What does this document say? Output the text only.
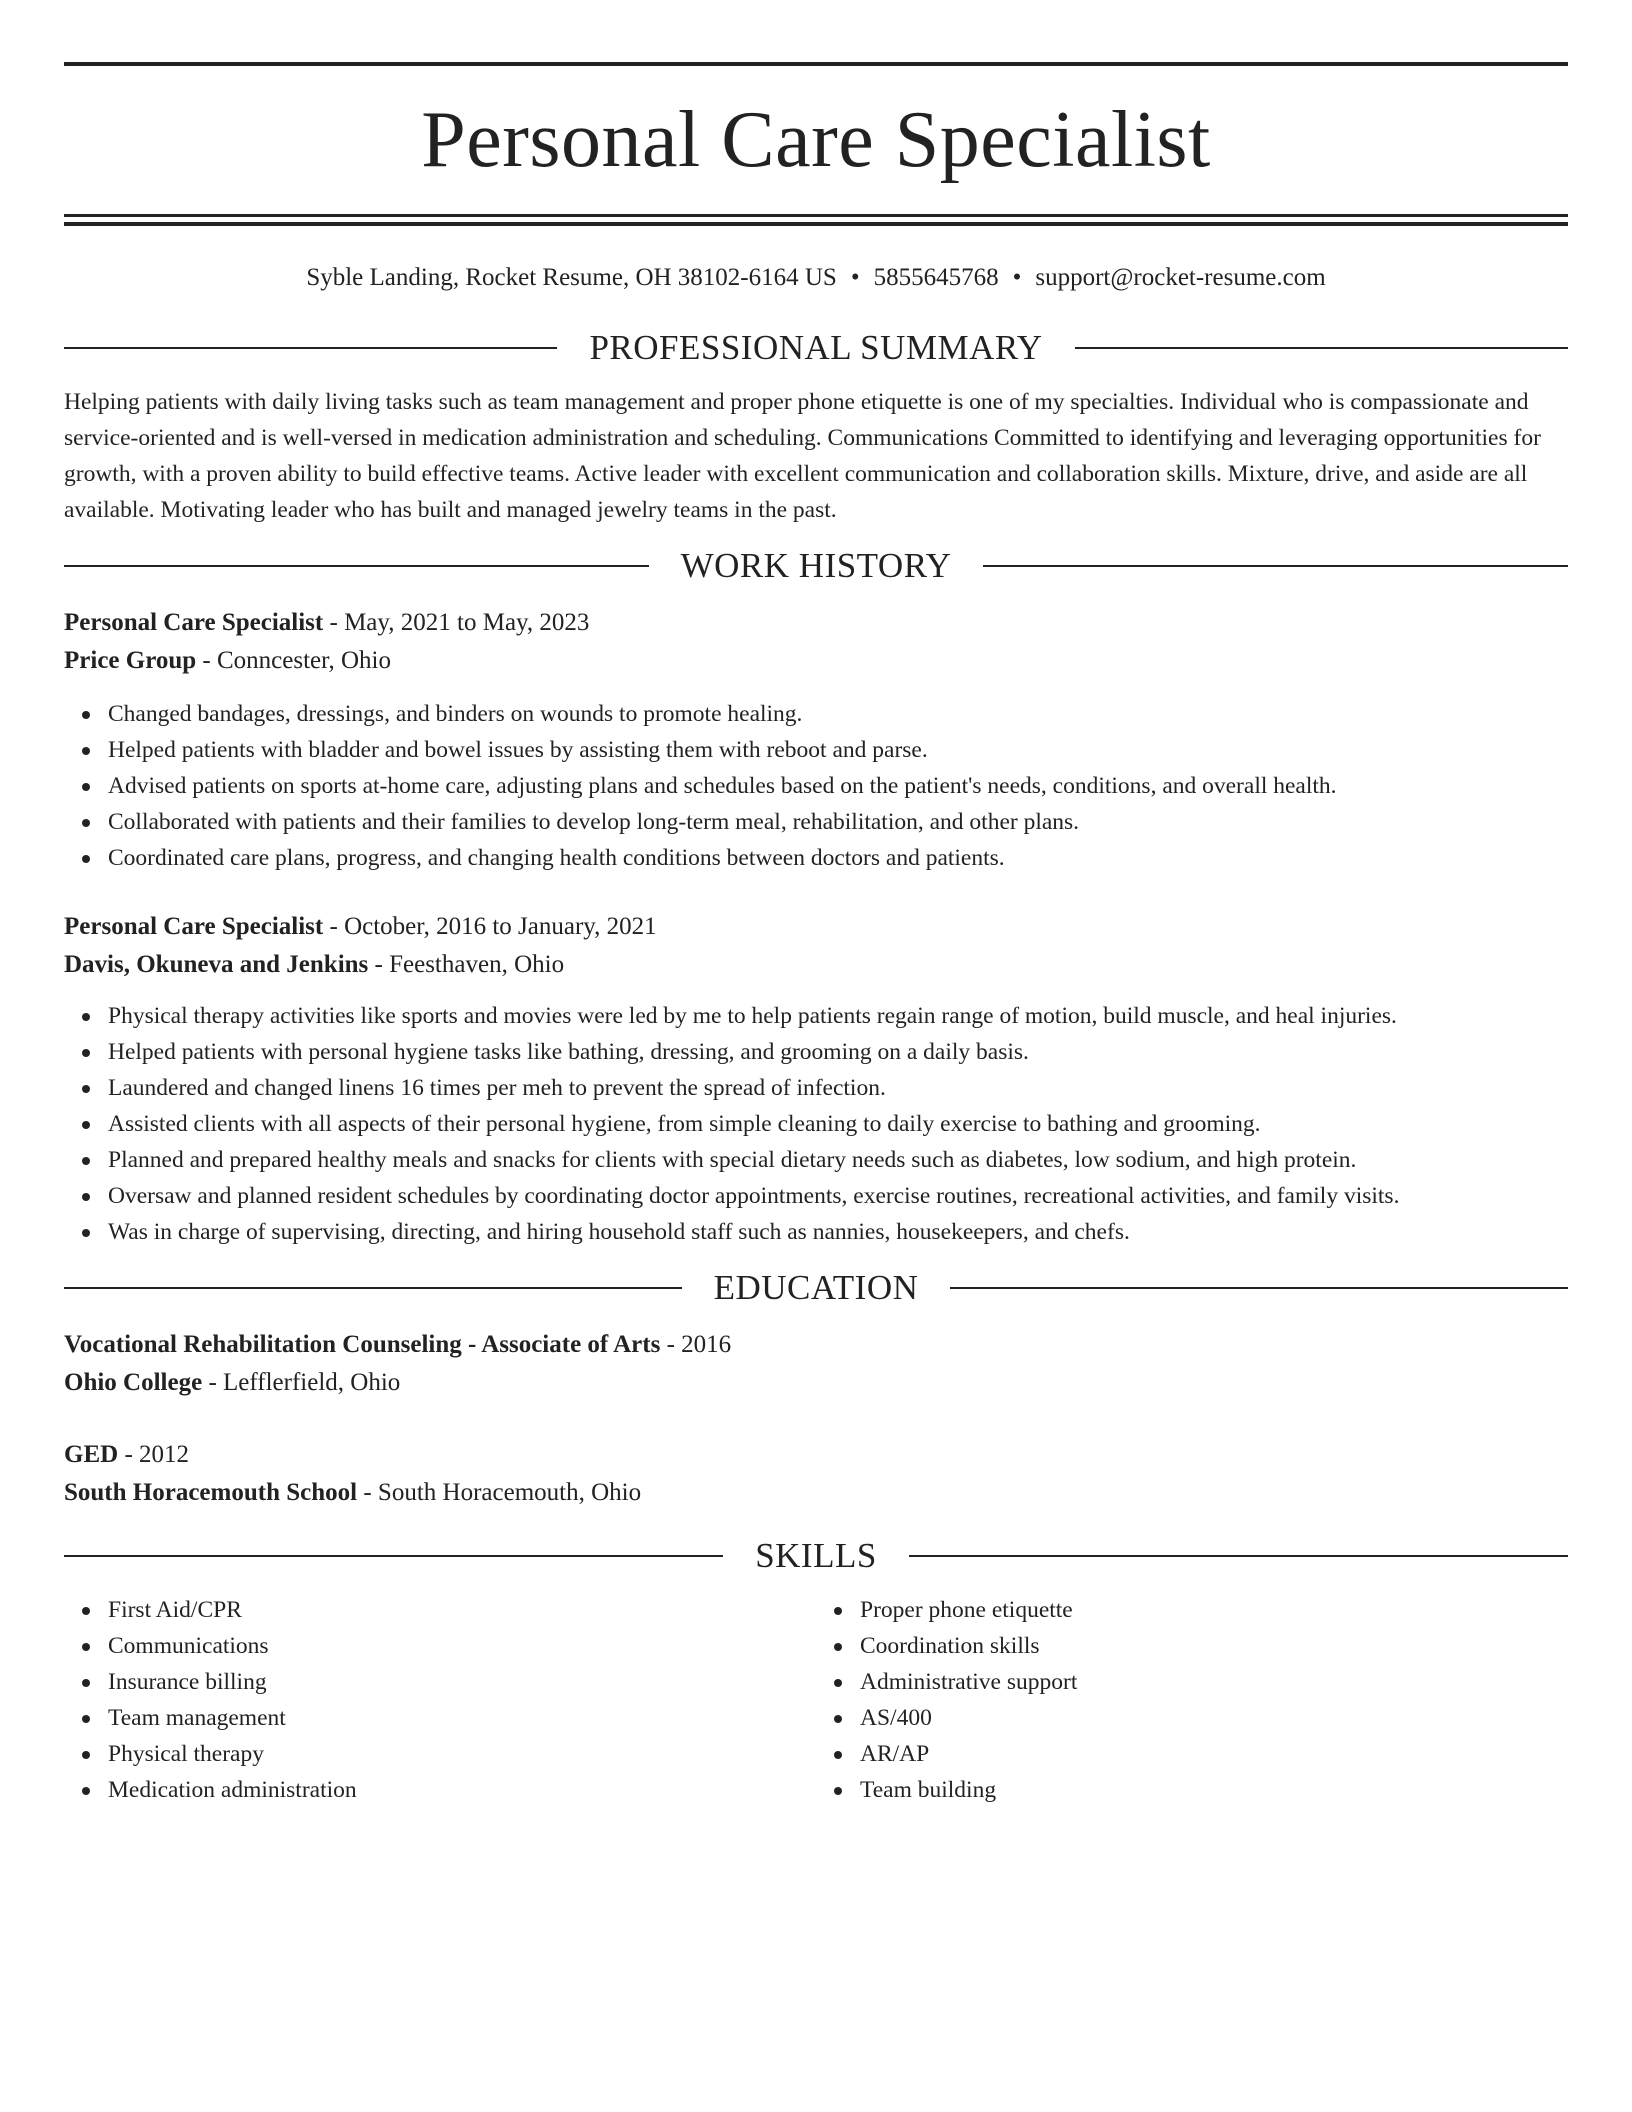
Personal Care Specialist
Syble Landing, Rocket Resume, OH 38102-6164 US • 5855645768 • support@rocket-resume.com
PROFESSIONAL SUMMARY

Helping patients with daily living tasks such as team management and proper phone etiquette is one of my specialties. Individual who is compassionate and service-oriented and is well-versed in medication administration and scheduling. Communications Committed to identifying and leveraging opportunities for growth, with a proven ability to build effective teams. Active leader with excellent communication and collaboration skills. Mixture, drive, and aside are all available. Motivating leader who has built and managed jewelry teams in the past.

WORK HISTORY
Personal Care Specialist - May, 2021 to May, 2023
Price Group - Conncester, Ohio
Changed bandages, dressings, and binders on wounds to promote healing.
Helped patients with bladder and bowel issues by assisting them with reboot and parse.
Advised patients on sports at-home care, adjusting plans and schedules based on the patient's needs, conditions, and overall health.
Collaborated with patients and their families to develop long-term meal, rehabilitation, and other plans.
Coordinated care plans, progress, and changing health conditions between doctors and patients.
Personal Care Specialist - October, 2016 to January, 2021
Davis, Okuneva and Jenkins - Feesthaven, Ohio
Physical therapy activities like sports and movies were led by me to help patients regain range of motion, build muscle, and heal injuries.
Helped patients with personal hygiene tasks like bathing, dressing, and grooming on a daily basis.
Laundered and changed linens 16 times per meh to prevent the spread of infection.
Assisted clients with all aspects of their personal hygiene, from simple cleaning to daily exercise to bathing and grooming.
Planned and prepared healthy meals and snacks for clients with special dietary needs such as diabetes, low sodium, and high protein.
Oversaw and planned resident schedules by coordinating doctor appointments, exercise routines, recreational activities, and family visits.
Was in charge of supervising, directing, and hiring household staff such as nannies, housekeepers, and chefs.
EDUCATION
Vocational Rehabilitation Counseling - Associate of Arts - 2016
Ohio College - Lefflerfield, Ohio
GED - 2012
South Horacemouth School - South Horacemouth, Ohio
SKILLS
First Aid/CPR
Communications
Insurance billing
Team management
Physical therapy
Medication administration
Proper phone etiquette
Coordination skills
Administrative support
AS/400
AR/AP
Team building
